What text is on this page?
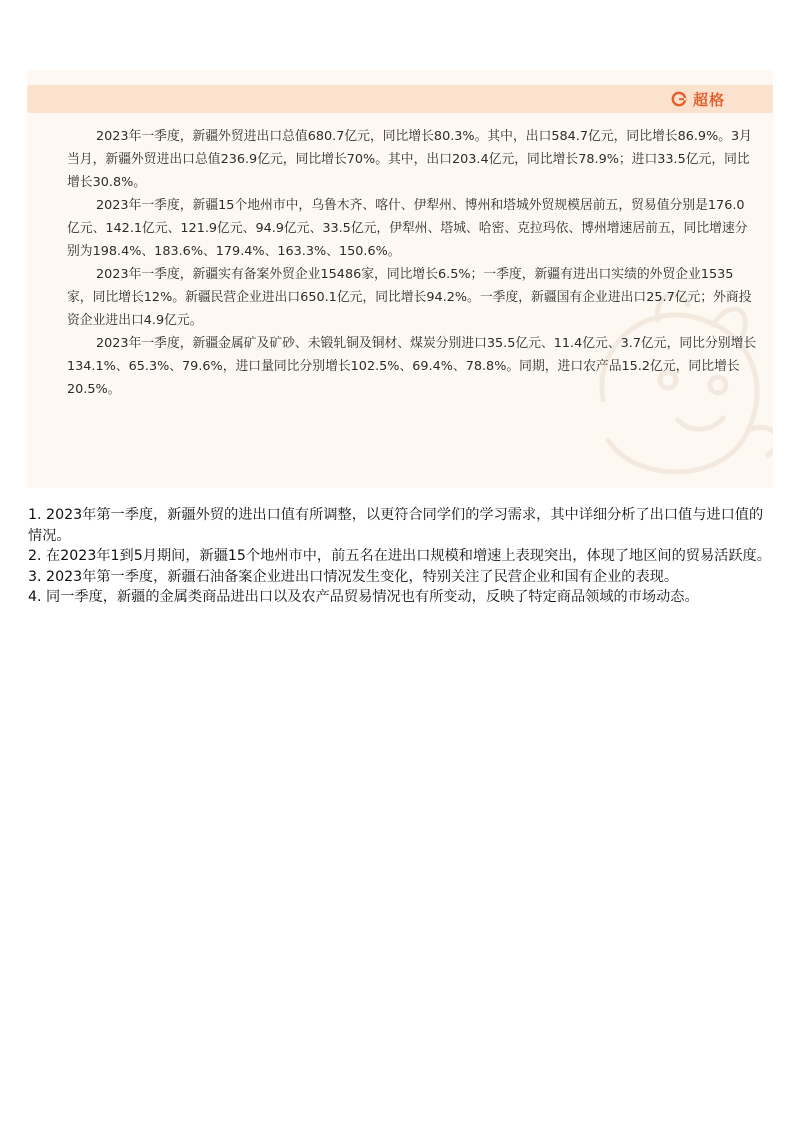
超格

2023年一季度，新疆外贸进出口总值680.7亿元，同比增长80.3%。其中，出口584.7亿元，同比增长86.9%。3月当月，新疆外贸进出口总值236.9亿元，同比增长70%。其中，出口203.4亿元，同比增长78.9%；进口33.5亿元，同比增长30.8%。

2023年一季度，新疆15个地州市中，乌鲁木齐、喀什、伊犁州、博州和塔城外贸规模居前五，贸易值分别是176.0亿元、142.1亿元、121.9亿元、94.9亿元、33.5亿元，伊犁州、塔城、哈密、克拉玛依、博州增速居前五，同比增速分别为198.4%、183.6%、179.4%、163.3%、150.6%。

2023年一季度，新疆实有备案外贸企业15486家，同比增长6.5%；一季度，新疆有进出口实绩的外贸企业1535家，同比增长12%。新疆民营企业进出口650.1亿元，同比增长94.2%。一季度，新疆国有企业进出口25.7亿元；外商投资企业进出口4.9亿元。

2023年一季度，新疆金属矿及矿砂、未锻轧铜及铜材、煤炭分别进口35.5亿元、11.4亿元、3.7亿元，同比分别增长134.1%、65.3%、79.6%，进口量同比分别增长102.5%、69.4%、78.8%。同期，进口农产品15.2亿元，同比增长20.5%。

1. 2023年第一季度，新疆外贸的进出口值有所调整，以更符合同学们的学习需求，其中详细分析了出口值与进口值的情况。

2. 在2023年1到5月期间，新疆15个地州市中，前五名在进出口规模和增速上表现突出，体现了地区间的贸易活跃度。

3. 2023年第一季度，新疆石油备案企业进出口情况发生变化，特别关注了民营企业和国有企业的表现。

4. 同一季度，新疆的金属类商品进出口以及农产品贸易情况也有所变动，反映了特定商品领域的市场动态。
